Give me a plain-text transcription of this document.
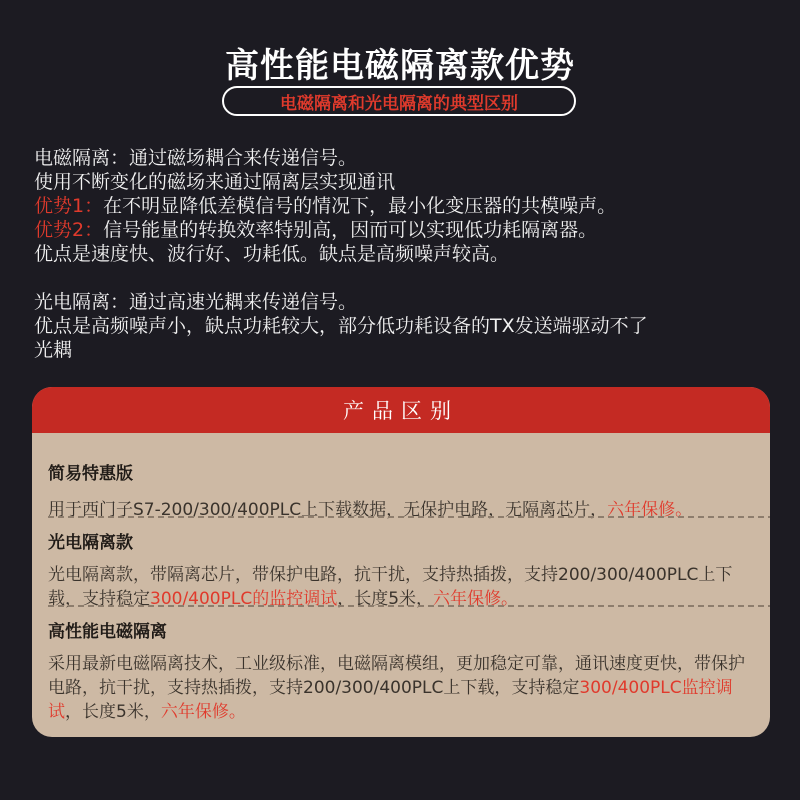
高性能电磁隔离款优势
电磁隔离和光电隔离的典型区别
电磁隔离：通过磁场耦合来传递信号。
使用不断变化的磁场来通过隔离层实现通讯
优势1：在不明显降低差模信号的情况下，最小化变压器的共模噪声。
优势2：信号能量的转换效率特别高，因而可以实现低功耗隔离器。
优点是速度快、波行好、功耗低。缺点是高频噪声较高。
光电隔离：通过高速光耦来传递信号。
优点是高频噪声小，缺点功耗较大，部分低功耗设备的TX发送端驱动不了
光耦
产品区别
简易特惠版
用于西门子S7-200/300/400PLC上下载数据，无保护电路，无隔离芯片，六年保修。
光电隔离款
光电隔离款，带隔离芯片，带保护电路，抗干扰，支持热插拨，支持200/300/400PLC上下载，支持稳定300/400PLC的监控调试，长度5米，六年保修。
高性能电磁隔离
采用最新电磁隔离技术，工业级标准，电磁隔离模组，更加稳定可靠，通讯速度更快，带保护电路，抗干扰，支持热插拨，支持200/300/400PLC上下载，支持稳定300/400PLC监控调试，长度5米，六年保修。
